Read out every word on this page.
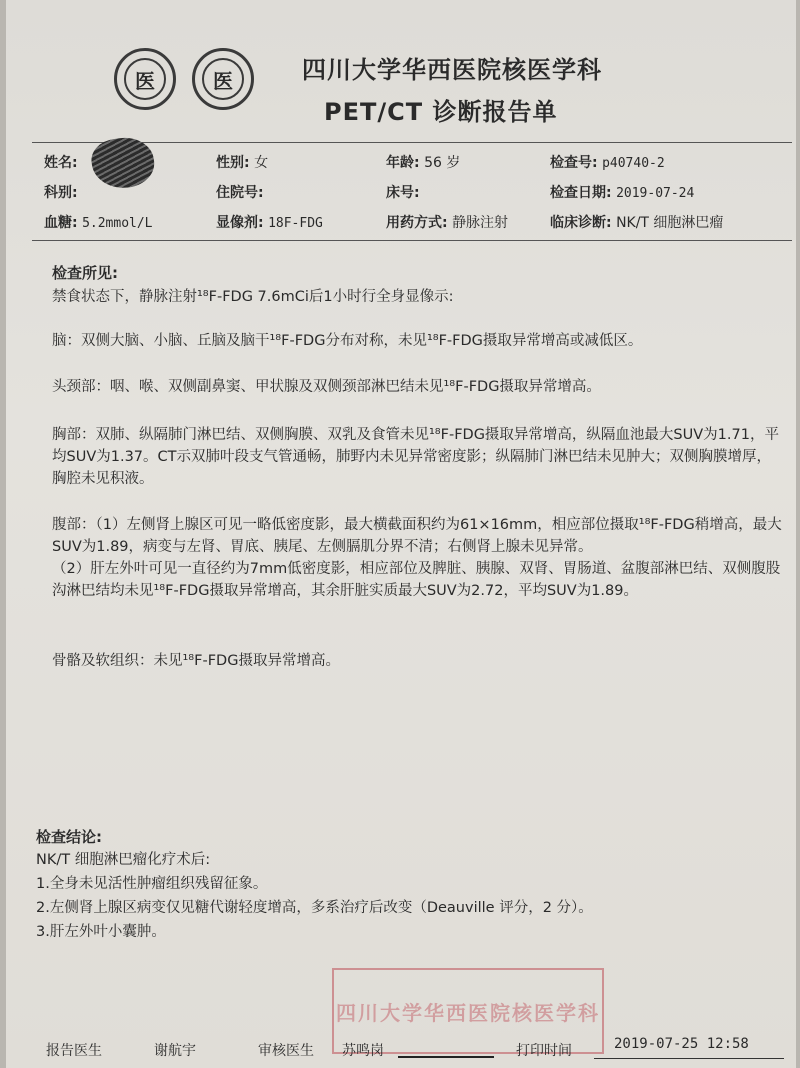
医	医	四川大学华西医院核医学科
PET/CT 诊断报告单
姓名:	性别: 女	年龄: 56 岁	检查号: p40740-2
科别:	住院号:	床号:	检查日期: 2019-07-24
血糖: 5.2mmol/L	显像剂: 18F-FDG	用药方式: 静脉注射	临床诊断: NK/T 细胞淋巴瘤
检查所见:
禁食状态下，静脉注射¹⁸F-FDG 7.6mCi后1小时行全身显像示:
脑：双侧大脑、小脑、丘脑及脑干¹⁸F-FDG分布对称，未见¹⁸F-FDG摄取异常增高或减低区。
头颈部：咽、喉、双侧副鼻窦、甲状腺及双侧颈部淋巴结未见¹⁸F-FDG摄取异常增高。
胸部：双肺、纵隔肺门淋巴结、双侧胸膜、双乳及食管未见¹⁸F-FDG摄取异常增高，纵隔血池最大SUV为1.71，平均SUV为1.37。CT示双肺叶段支气管通畅，肺野内未见异常密度影；纵隔肺门淋巴结未见肿大；双侧胸膜增厚，胸腔未见积液。
腹部：（1）左侧肾上腺区可见一略低密度影，最大横截面积约为61×16mm，相应部位摄取¹⁸F-FDG稍增高，最大SUV为1.89，病变与左肾、胃底、胰尾、左侧膈肌分界不清；右侧肾上腺未见异常。
（2）肝左外叶可见一直径约为7mm低密度影，相应部位及脾脏、胰腺、双肾、胃肠道、盆腹部淋巴结、双侧腹股沟淋巴结均未见¹⁸F-FDG摄取异常增高，其余肝脏实质最大SUV为2.72，平均SUV为1.89。
骨骼及软组织：未见¹⁸F-FDG摄取异常增高。
检查结论:
NK/T 细胞淋巴瘤化疗术后:
1.全身未见活性肿瘤组织残留征象。
2.左侧肾上腺区病变仅见糖代谢轻度增高，多系治疗后改变（Deauville 评分，2 分）。
3.肝左外叶小囊肿。
四川大学华西医院核医学科
报告医生	谢航宇	审核医生 苏鸣岗	打印时间	2019-07-25 12:58
